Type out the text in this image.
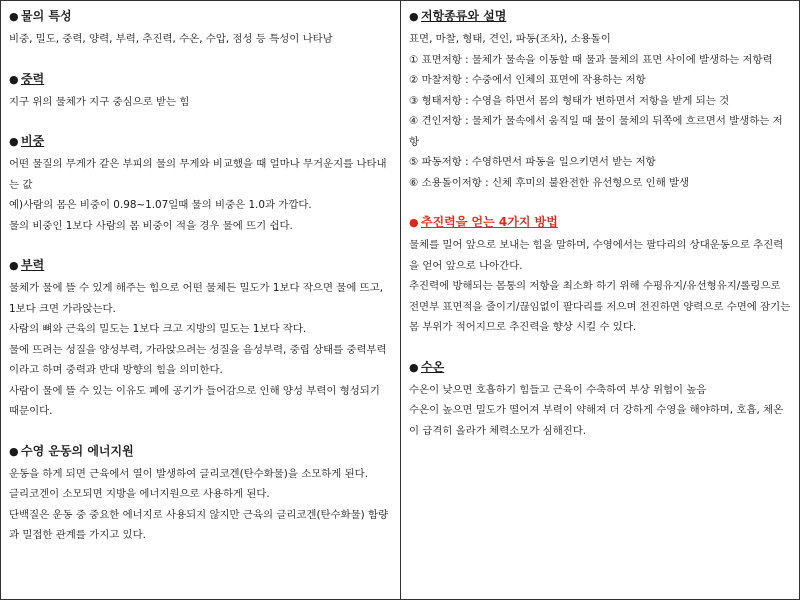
● 물의 특성

비중, 밀도, 중력, 양력, 부력, 추진력, 수온, 수압, 점성 등 특성이 나타남

● 중력

지구 위의 물체가 지구 중심으로 받는 힘

● 비중

어떤 물질의 무게가 같은 부피의 물의 무게와 비교했을 때 얼마나 무거운지를 나타내는 값

예)사람의 몸은 비중이 0.98~1.07일때 물의 비중은 1.0과 가깝다.

물의 비중인 1보다 사람의 몸 비중이 적을 경우 물에 뜨기 쉽다.

● 부력

물체가 물에 뜰 수 있게 해주는 힘으로 어떤 물체든 밀도가 1보다 작으면 물에 뜨고, 1보다 크면 가라앉는다.

사람의 뼈와 근육의 밀도는 1보다 크고 지방의 밀도는 1보다 작다.

물에 뜨려는 성질을 양성부력, 가라앉으려는 성질을 음성부력, 중립 상태를 중력부력이라고 하며 중력과 반대 방향의 힘을 의미한다.

사람이 물에 뜰 수 있는 이유도 폐에 공기가 들어감으로 인해 양성 부력이 형성되기 때문이다.

● 수영 운동의 에너지원

운동을 하게 되면 근육에서 열이 발생하여 글리코겐(탄수화물)을 소모하게 된다.

글리코겐이 소모되면 지방을 에너지원으로 사용하게 된다.

단백질은 운동 중 중요한 에너지로 사용되지 않지만 근육의 글리코겐(탄수화물) 함량과 밀접한 관계를 가지고 있다.

● 저항종류와 설명

표면, 마찰, 형태, 견인, 파동(조차), 소용돌이

① 표면저항 : 물체가 물속을 이동할 때 물과 물체의 표면 사이에 발생하는 저항력

② 마찰저항 : 수중에서 인체의 표면에 작용하는 저항

③ 형태저항 : 수영을 하면서 몸의 형태가 변하면서 저항을 받게 되는 것

④ 견인저항 : 물체가 물속에서 움직일 때 물이 물체의 뒤쪽에 흐르면서 발생하는 저항

⑤ 파동저항 : 수영하면서 파동을 일으키면서 받는 저항

⑥ 소용돌이저항 : 신체 후미의 불완전한 유선형으로 인해 발생

● 추진력을 얻는 4가지 방법

물체를 밀어 앞으로 보내는 힘을 말하며, 수영에서는 팔다리의 상대운동으로 추진력을 얻어 앞으로 나아간다.

추진력에 방해되는 몸통의 저항을 최소화 하기 위해 수평유지/유선형유지/롤링으로 전면부 표면적을 줄이기/끊임없이 팔다리를 저으며 전진하면 양력으로 수면에 잠기는 몸 부위가 적어지므로 추진력을 향상 시킬 수 있다.

● 수온

수온이 낮으면 호흡하기 힘들고 근육이 수축하여 부상 위험이 높음

수온이 높으면 밀도가 떨어져 부력이 약해져 더 강하게 수영을 해야하며, 호흡, 체온이 급격히 올라가 체력소모가 심해진다.
